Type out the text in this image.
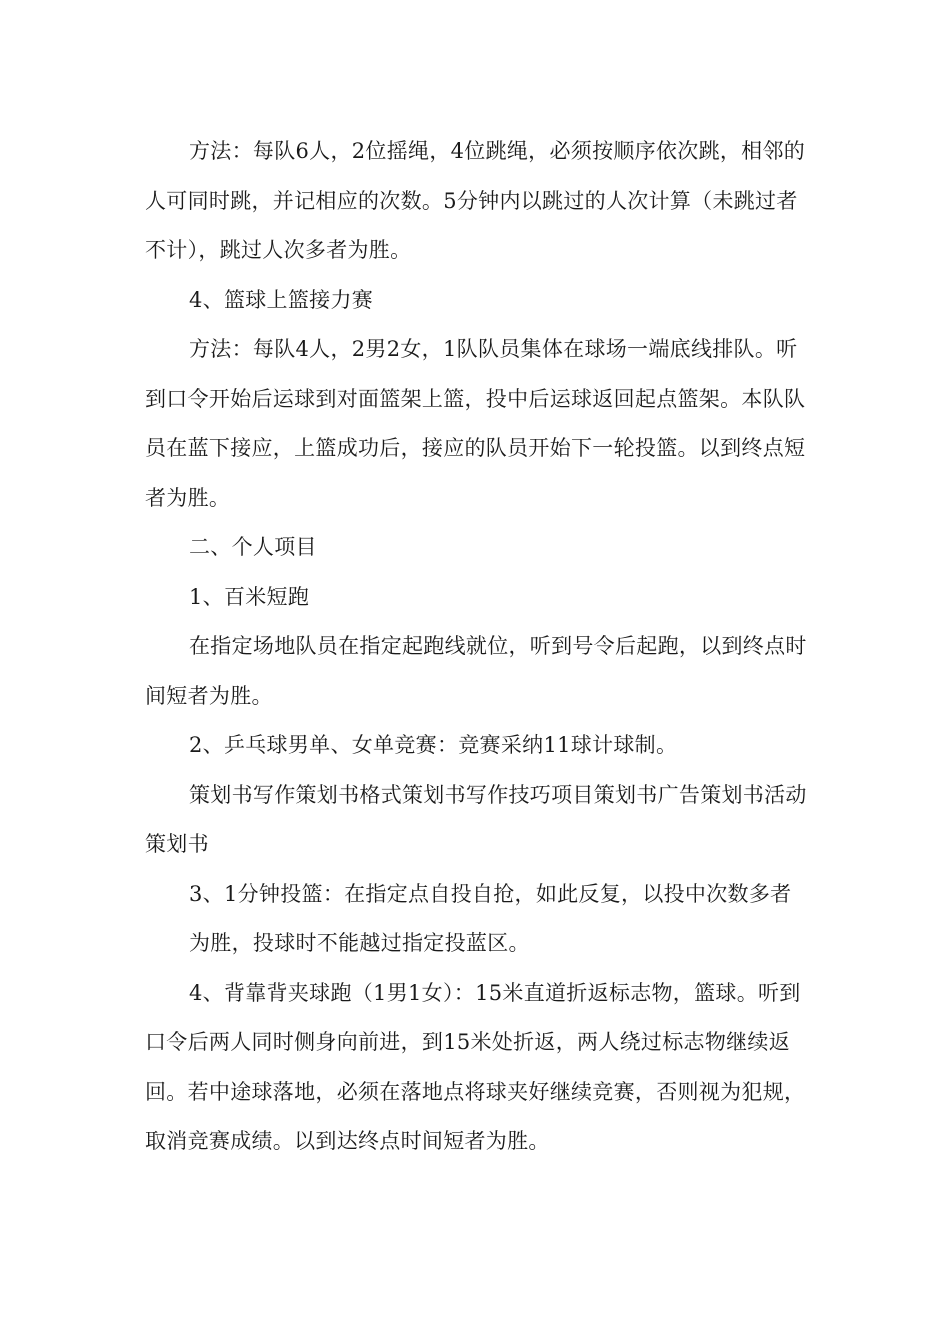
方法：每队6人，2位摇绳，4位跳绳，必须按顺序依次跳，相邻的人可同时跳，并记相应的次数。5分钟内以跳过的人次计算（未跳过者不计），跳过人次多者为胜。

4、篮球上篮接力赛

方法：每队4人，2男2女，1队队员集体在球场一端底线排队。听到口令开始后运球到对面篮架上篮，投中后运球返回起点篮架。本队队员在蓝下接应，上篮成功后，接应的队员开始下一轮投篮。以到终点短者为胜。

二、个人项目

1、百米短跑

在指定场地队员在指定起跑线就位，听到号令后起跑，以到终点时间短者为胜。

2、乒乓球男单、女单竞赛：竞赛采纳11球计球制。

策划书写作策划书格式策划书写作技巧项目策划书广告策划书活动策划书

3、1分钟投篮：在指定点自投自抢，如此反复，以投中次数多者

为胜，投球时不能越过指定投蓝区。

4、背靠背夹球跑（1男1女）：15米直道折返标志物，篮球。听到口令后两人同时侧身向前进，到15米处折返，两人绕过标志物继续返回。若中途球落地，必须在落地点将球夹好继续竞赛，否则视为犯规，取消竞赛成绩。以到达终点时间短者为胜。
